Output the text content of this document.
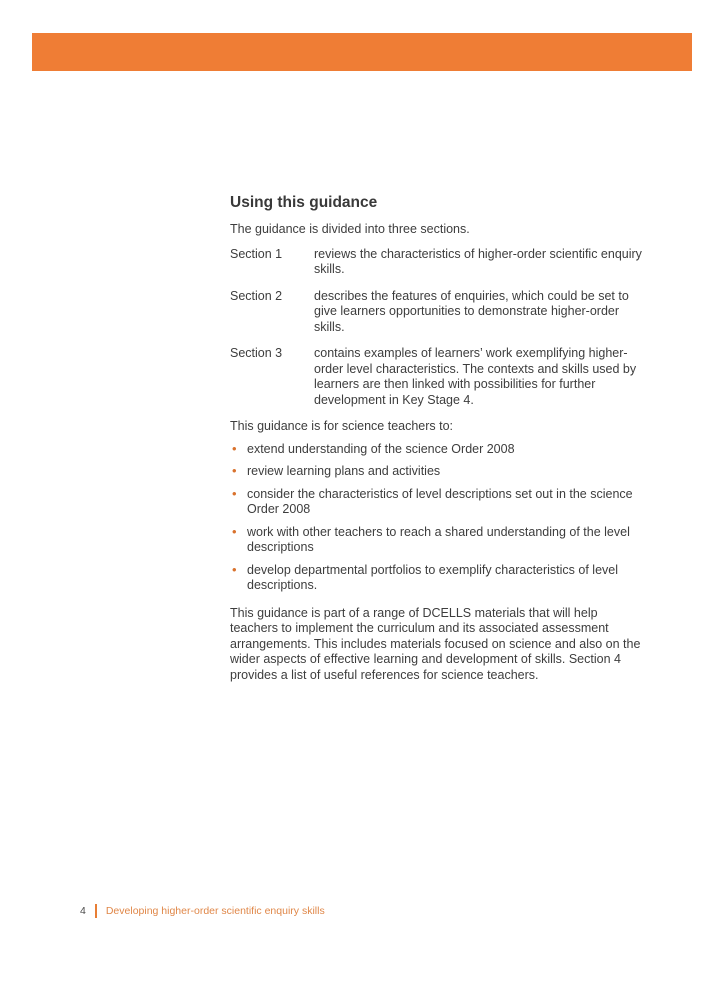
Using this guidance

The guidance is divided into three sections.

Section 1	reviews the characteristics of higher-order scientific enquiry skills.
Section 2	describes the features of enquiries, which could be set to give learners opportunities to demonstrate higher-order skills.
Section 3	contains examples of learners’ work exemplifying higher-order level characteristics. The contexts and skills used by learners are then linked with possibilities for further development in Key Stage 4.

This guidance is for science teachers to:

• extend understanding of the science Order 2008
• review learning plans and activities
• consider the characteristics of level descriptions set out in the science Order 2008
• work with other teachers to reach a shared understanding of the level descriptions
• develop departmental portfolios to exemplify characteristics of level descriptions.

This guidance is part of a range of DCELLS materials that will help teachers to implement the curriculum and its associated assessment arrangements. This includes materials focused on science and also on the wider aspects of effective learning and development of skills. Section 4 provides a list of useful references for science teachers.

4 Developing higher-order scientific enquiry skills
